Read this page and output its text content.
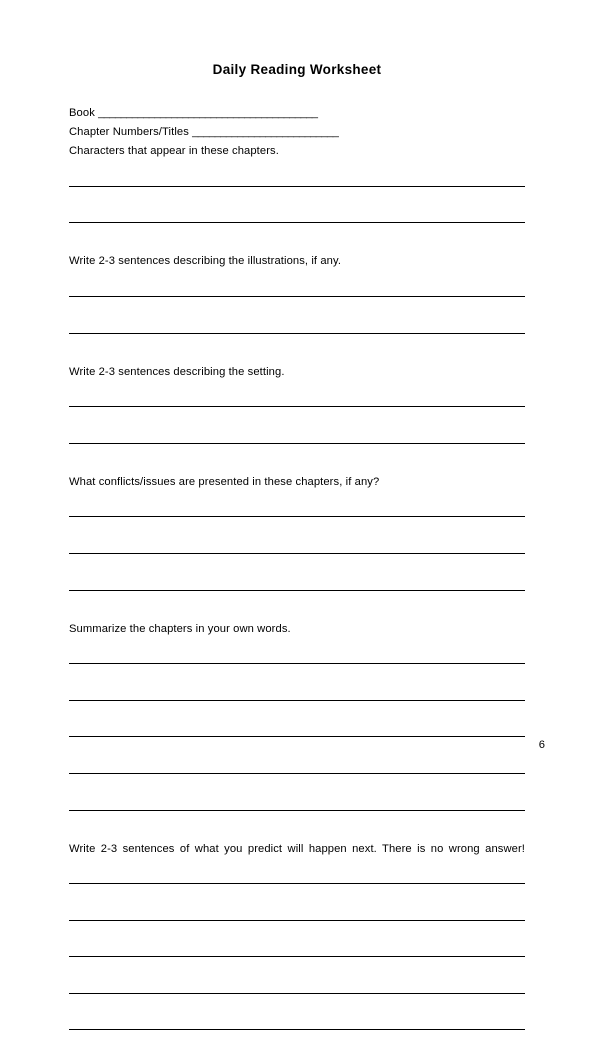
Daily Reading Worksheet

Book _______________________________________

Chapter Numbers/Titles __________________________

Characters that appear in these chapters.

Write 2-3 sentences describing the illustrations, if any.

Write 2-3 sentences describing the setting.

What conflicts/issues are presented in these chapters, if any?

Summarize the chapters in your own words.

Write 2-3 sentences of what you predict will happen next. There is no wrong answer!

6
